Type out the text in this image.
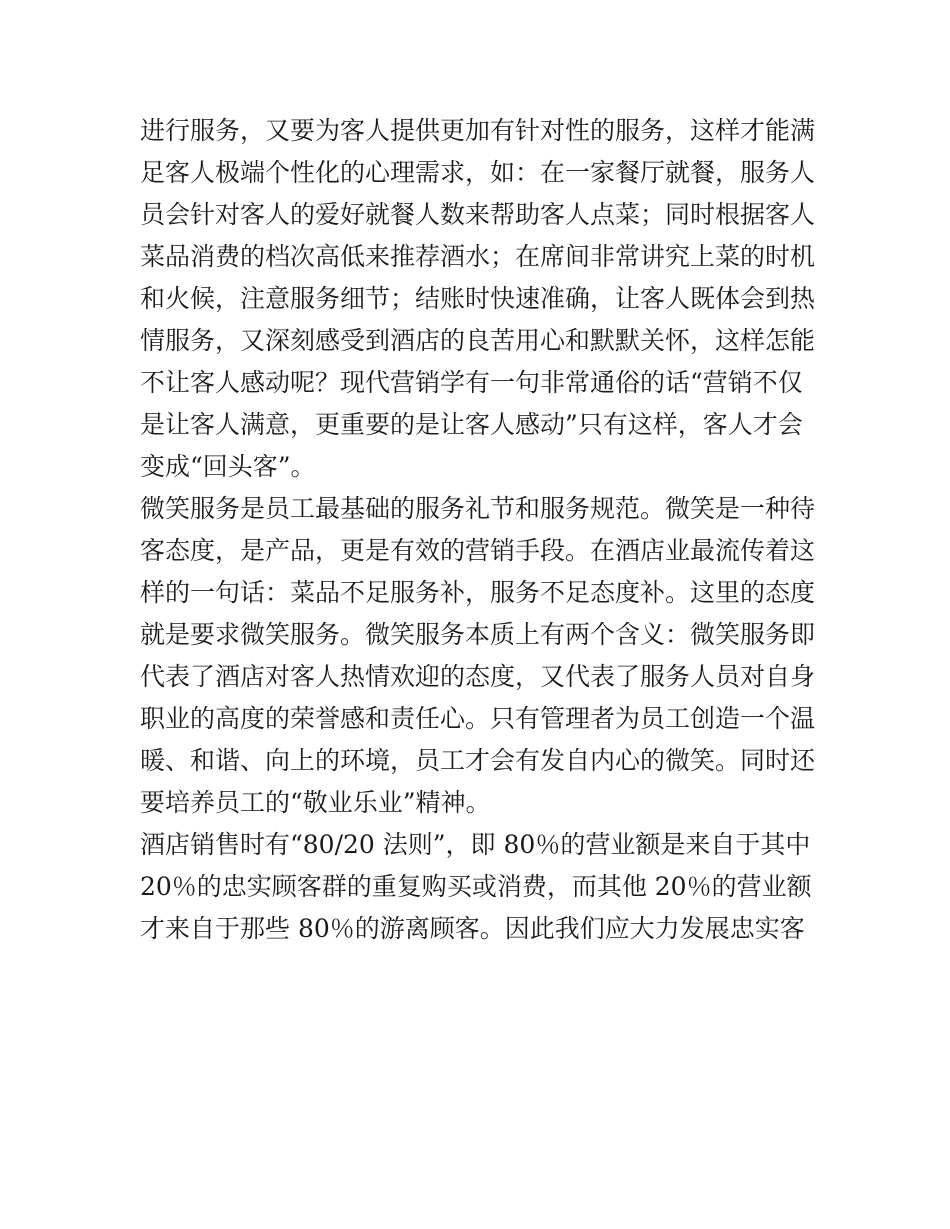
进行服务，又要为客人提供更加有针对性的服务，这样才能满
足客人极端个性化的心理需求，如：在一家餐厅就餐，服务人
员会针对客人的爱好就餐人数来帮助客人点菜；同时根据客人
菜品消费的档次高低来推荐酒水；在席间非常讲究上菜的时机
和火候，注意服务细节；结账时快速准确，让客人既体会到热
情服务，又深刻感受到酒店的良苦用心和默默关怀，这样怎能
不让客人感动呢？现代营销学有一句非常通俗的话“营销不仅
是让客人满意，更重要的是让客人感动”只有这样，客人才会
变成“回头客”。
微笑服务是员工最基础的服务礼节和服务规范。微笑是一种待
客态度，是产品，更是有效的营销手段。在酒店业最流传着这
样的一句话：菜品不足服务补，服务不足态度补。这里的态度
就是要求微笑服务。微笑服务本质上有两个含义：微笑服务即
代表了酒店对客人热情欢迎的态度，又代表了服务人员对自身
职业的高度的荣誉感和责任心。只有管理者为员工创造一个温
暖、和谐、向上的环境，员工才会有发自内心的微笑。同时还
要培养员工的“敬业乐业”精神。
酒店销售时有“80/20 法则”，即 80％的营业额是来自于其中
20％的忠实顾客群的重复购买或消费，而其他 20％的营业额
才来自于那些 80％的游离顾客。因此我们应大力发展忠实客
